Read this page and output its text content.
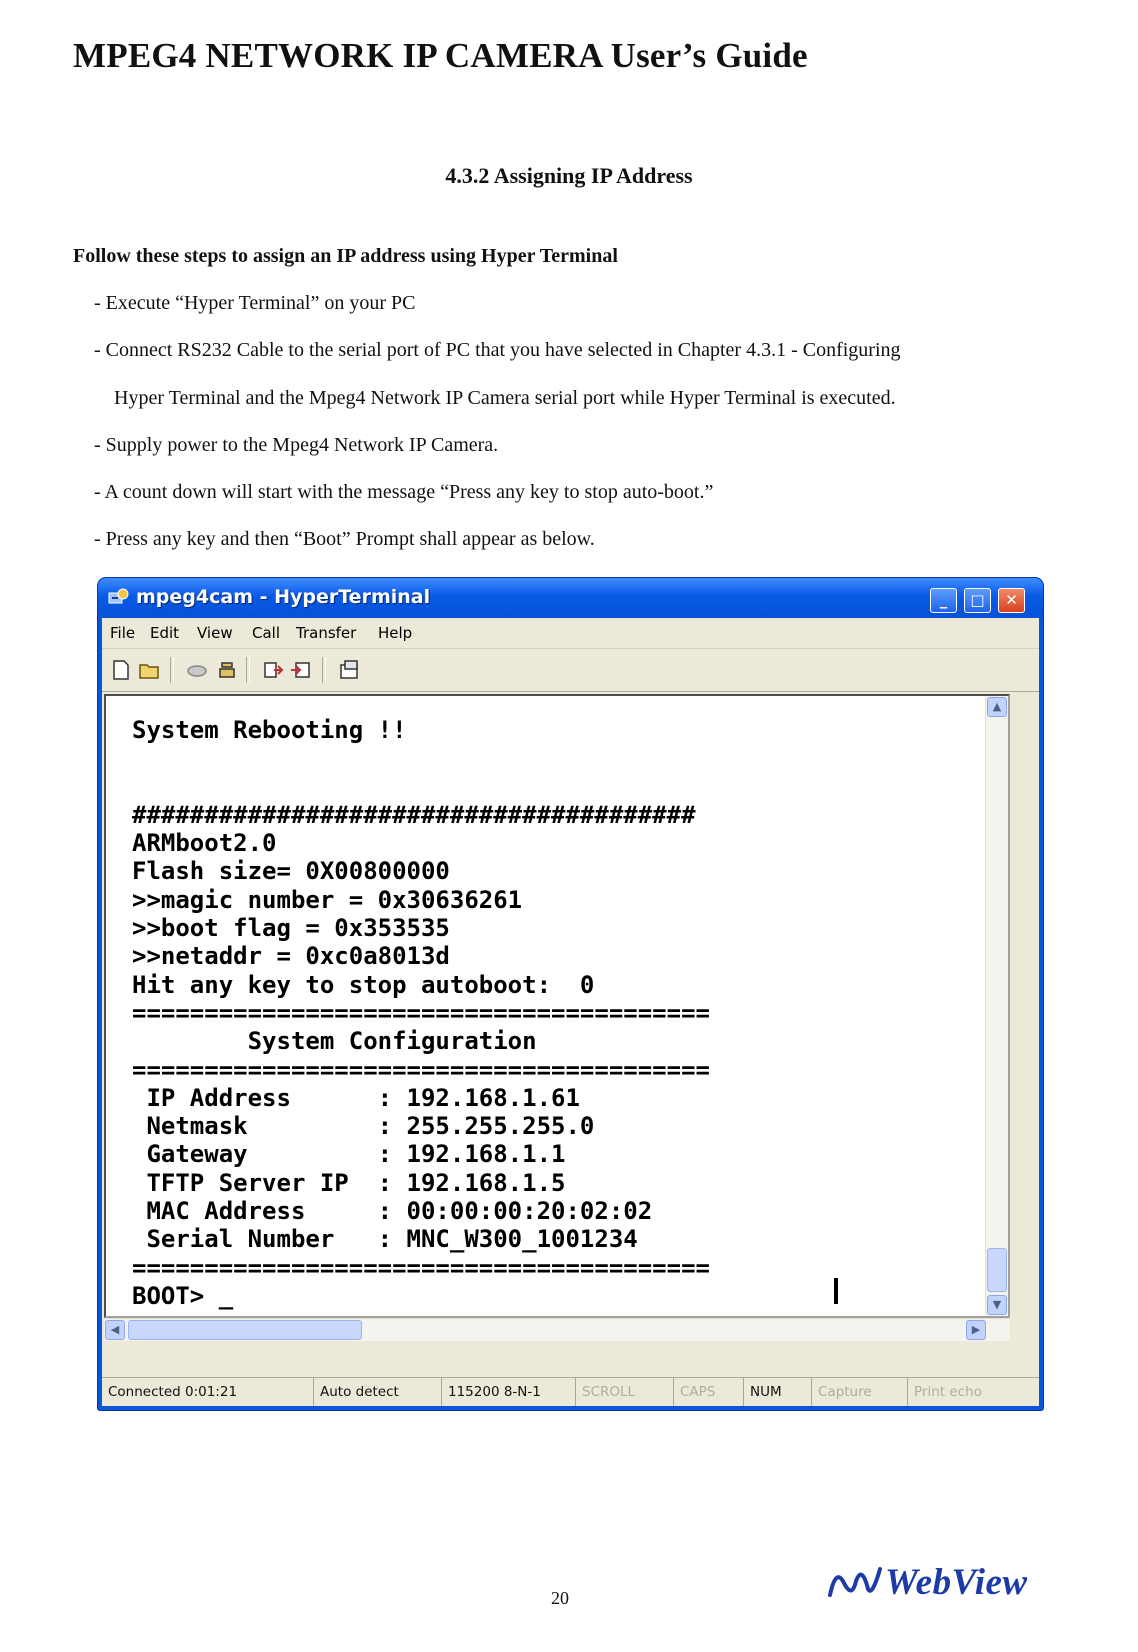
MPEG4 NETWORK IP CAMERA User’s Guide
4.3.2 Assigning IP Address
Follow these steps to assign an IP address using Hyper Terminal
- Execute “Hyper Terminal” on your PC
- Connect RS232 Cable to the serial port of PC that you have selected in Chapter 4.3.1 - Configuring
Hyper Terminal and the Mpeg4 Network IP Camera serial port while Hyper Terminal is executed.
- Supply power to the Mpeg4 Network IP Camera.
- A count down will start with the message “Press any key to stop auto-boot.”
- Press any key and then “Boot” Prompt shall appear as below.
mpeg4cam - HyperTerminal	_	□	✕
File Edit View Call Transfer Help
System Rebooting !!
#######################################
ARMboot2.0
Flash size= 0X00800000
>>magic number = 0x30636261
>>boot flag = 0x353535
>>netaddr = 0xc0a8013d
Hit any key to stop autoboot:  0
========================================
System Configuration
========================================
IP Address      : 192.168.1.61
Netmask         : 255.255.255.0
Gateway         : 192.168.1.1
TFTP Server IP  : 192.168.1.5
MAC Address     : 00:00:00:20:02:02
Serial Number   : MNC_W300_1001234
========================================
BOOT> _
▲
▼
◀	▶
Connected 0:01:21	Auto detect	115200 8-N-1	SCROLL	CAPS	NUM	Capture	Print echo
20	WebView
